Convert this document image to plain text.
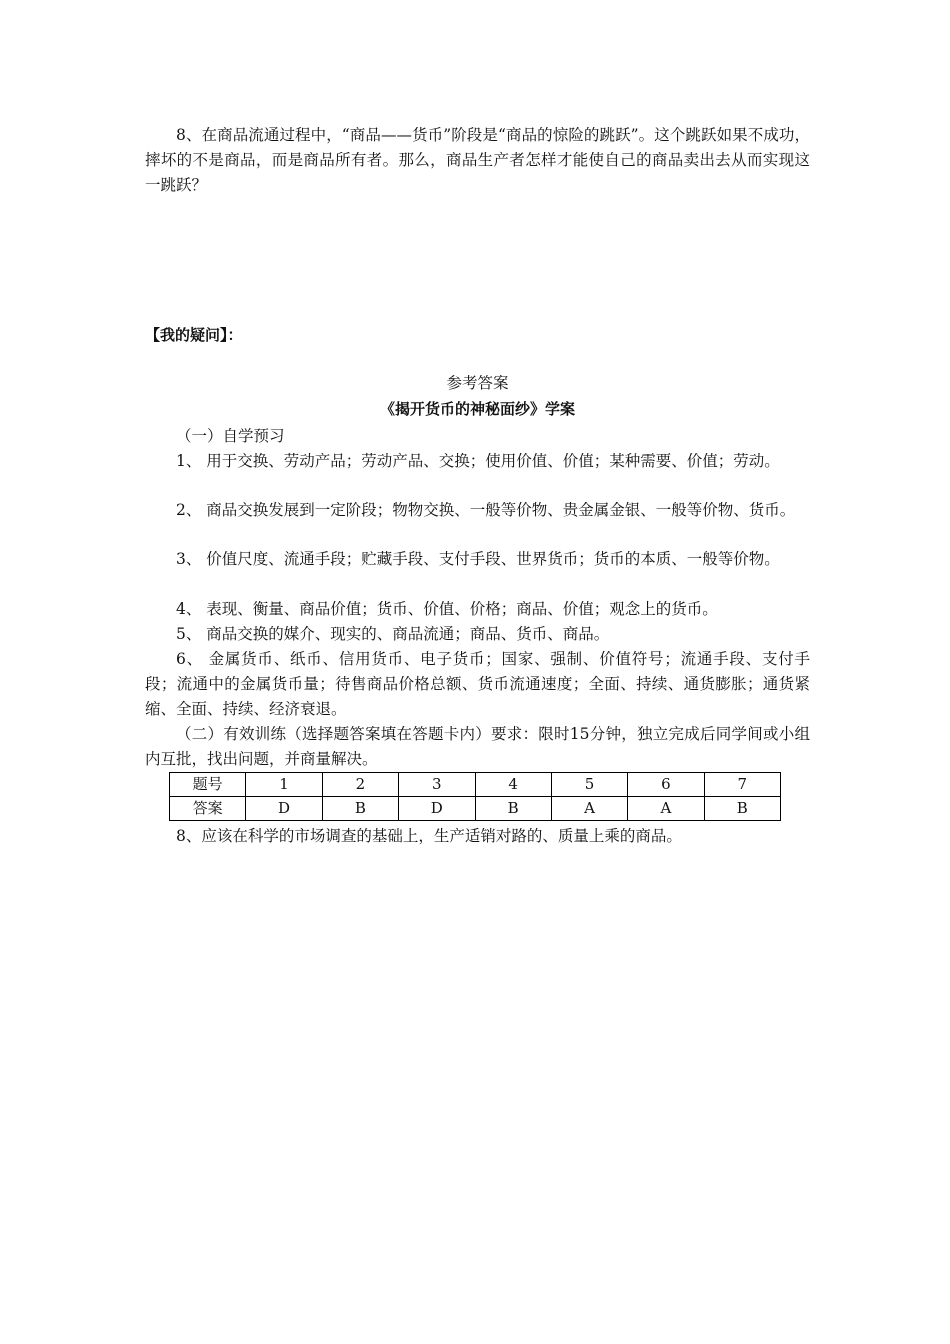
8、在商品流通过程中，“商品——货币”阶段是“商品的惊险的跳跃”。这个跳跃如果不成功，摔坏的不是商品，而是商品所有者。那么，商品生产者怎样才能使自己的商品卖出去从而实现这一跳跃？

【我的疑问】：

参考答案

《揭开货币的神秘面纱》学案

（一）自学预习

1、 用于交换、劳动产品；劳动产品、交换；使用价值、价值；某种需要、价值；劳动。

2、 商品交换发展到一定阶段；物物交换、一般等价物、贵金属金银、一般等价物、货币。

3、 价值尺度、流通手段；贮藏手段、支付手段、世界货币；货币的本质、一般等价物。

4、 表现、衡量、商品价值；货币、价值、价格；商品、价值；观念上的货币。

5、 商品交换的媒介、现实的、商品流通；商品、货币、商品。

6、 金属货币、纸币、信用货币、电子货币；国家、强制、价值符号；流通手段、支付手段；流通中的金属货币量；待售商品价格总额、货币流通速度；全面、持续、通货膨胀；通货紧缩、全面、持续、经济衰退。

（二）有效训练（选择题答案填在答题卡内）要求：限时15分钟，独立完成后同学间或小组内互批，找出问题，并商量解决。

题号	1	2	3	4	5	6	7
答案	D	B	D	B	A	A	B

8、应该在科学的市场调查的基础上，生产适销对路的、质量上乘的商品。
